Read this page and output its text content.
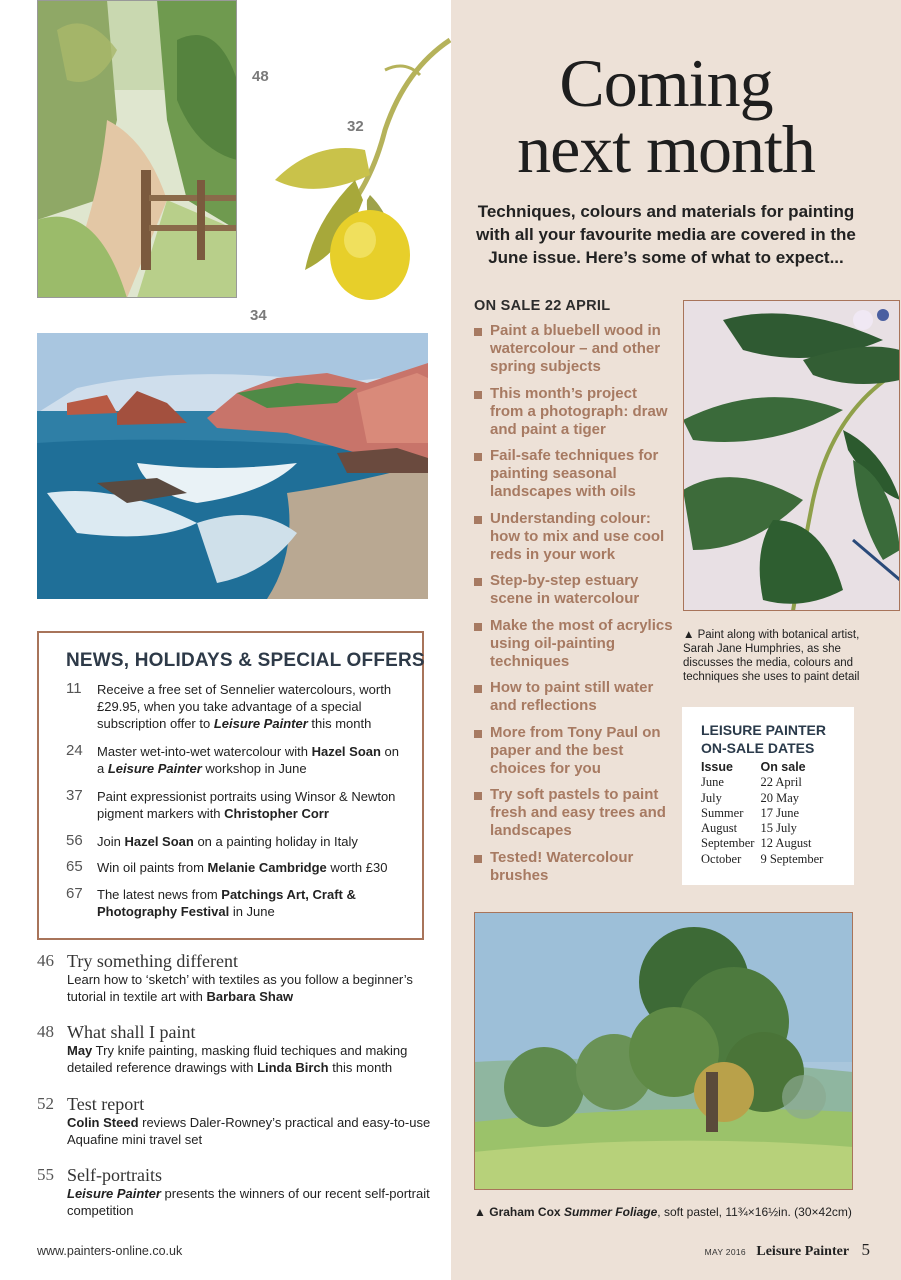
48
32
34
NEWS, HOLIDAYS & SPECIAL OFFERS
11 Receive a free set of Sennelier watercolours, worth £29.95, when you take advantage of a special subscription offer to Leisure Painter this month
24 Master wet-into-wet watercolour with Hazel Soan on a Leisure Painter workshop in June
37 Paint expressionist portraits using Winsor & Newton pigment markers with Christopher Corr
56 Join Hazel Soan on a painting holiday in Italy
65 Win oil paints from Melanie Cambridge worth £30
67 The latest news from Patchings Art, Craft & Photography Festival in June
46 Try something different
Learn how to ‘sketch’ with textiles as you follow a beginner’s tutorial in textile art with Barbara Shaw
48 What shall I paint
May Try knife painting, masking fluid techiques and making detailed reference drawings with Linda Birch this month
52 Test report
Colin Steed reviews Daler-Rowney’s practical and easy-to-use Aquafine mini travel set
55 Self-portraits
Leisure Painter presents the winners of our recent self-portrait competition
www.painters-online.co.uk
Coming
next month
Techniques, colours and materials for painting with all your favourite media are covered in the June issue. Here’s some of what to expect...
ON SALE 22 APRIL
Paint a bluebell wood in watercolour – and other spring subjects
This month’s project from a photograph: draw and paint a tiger
Fail-safe techniques for painting seasonal landscapes with oils
Understanding colour: how to mix and use cool reds in your work
Step-by-step estuary scene in watercolour
Make the most of acrylics using oil-painting techniques
How to paint still water and reflections
More from Tony Paul on paper and the best choices for you
Try soft pastels to paint fresh and easy trees and landscapes
Tested! Watercolour brushes
▲ Paint along with botanical artist, Sarah Jane Humphries, as she discusses the media, colours and techniques she uses to paint detail
LEISURE PAINTER ON-SALE DATES
Issue	On sale
June	22 April
July	20 May
Summer	17 June
August	15 July
September	12 August
October	9 September
▲ Graham Cox Summer Foliage, soft pastel, 11¾×16½in. (30×42cm)
MAY 2016 Leisure Painter 5
